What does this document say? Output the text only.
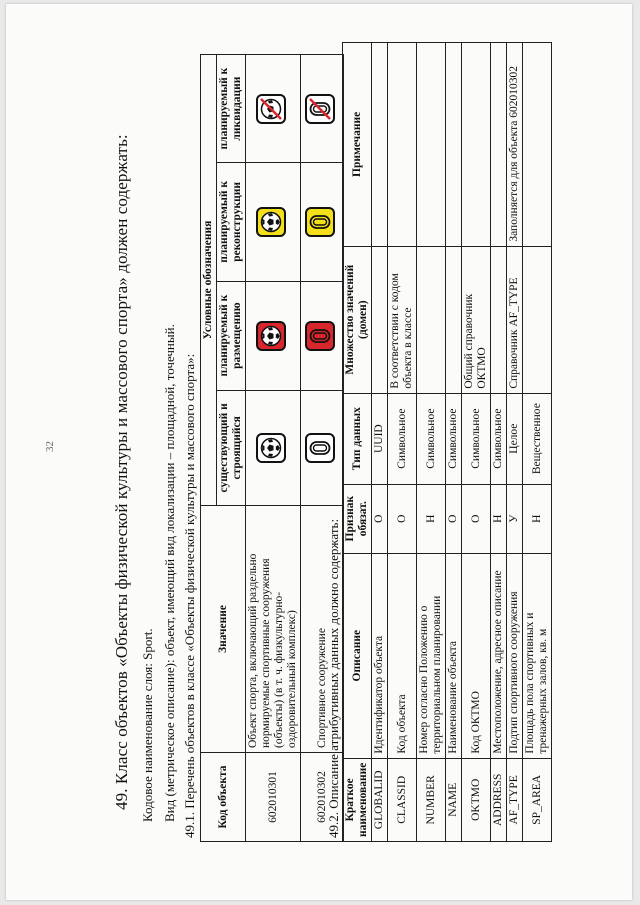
32	49. Класс объектов «Объекты физической культуры и массового спорта» должен содержать: Кодовое наименование слоя: Sport. Вид (метрическое описание): объект, имеющий вид локализации – площадной, точечный. 49.1. Перечень объектов в классе «Объекты физической культуры и массового спорта»: Код объекта	Значение	Условные обозначения			
		существующий и строящийся	планируемый к размещению	планируемый к реконструкции	планируемый к ликвидации
602010301	Объект спорта, включающий раздельно нормируемые спортивные сооружения (объекты) (в т. ч. физкультурно-оздоровительный комплекс)	

602010302	Спортивное сооружение	

49.2. Описание атрибутивных данных должно содержать: Краткое наименование	Описание	Признак обязат.	Тип данных	Множество значений (домен)	Примечание
GLOBALID	Идентификатор объекта	О	UUID		
CLASSID	Код объекта	О	Символьное	В соответствии с кодом объекта в классе	
NUMBER	Номер согласно Положению о территориальном планировании	Н	Символьное		
NAME	Наименование объекта	О	Символьное		
OKTMO	Код ОКТМО	О	Символьное	Общий справочник ОКТМО	
ADDRESS	Местоположение, адресное описание	Н	Символьное		
AF_TYPE	Подтип спортивного сооружения	У	Целое	Справочник AF_TYPE	Заполняется для объекта 602010302
SP_AREA	Площадь пола спортивных и тренажерных залов, кв. м	Н	Вещественное		
